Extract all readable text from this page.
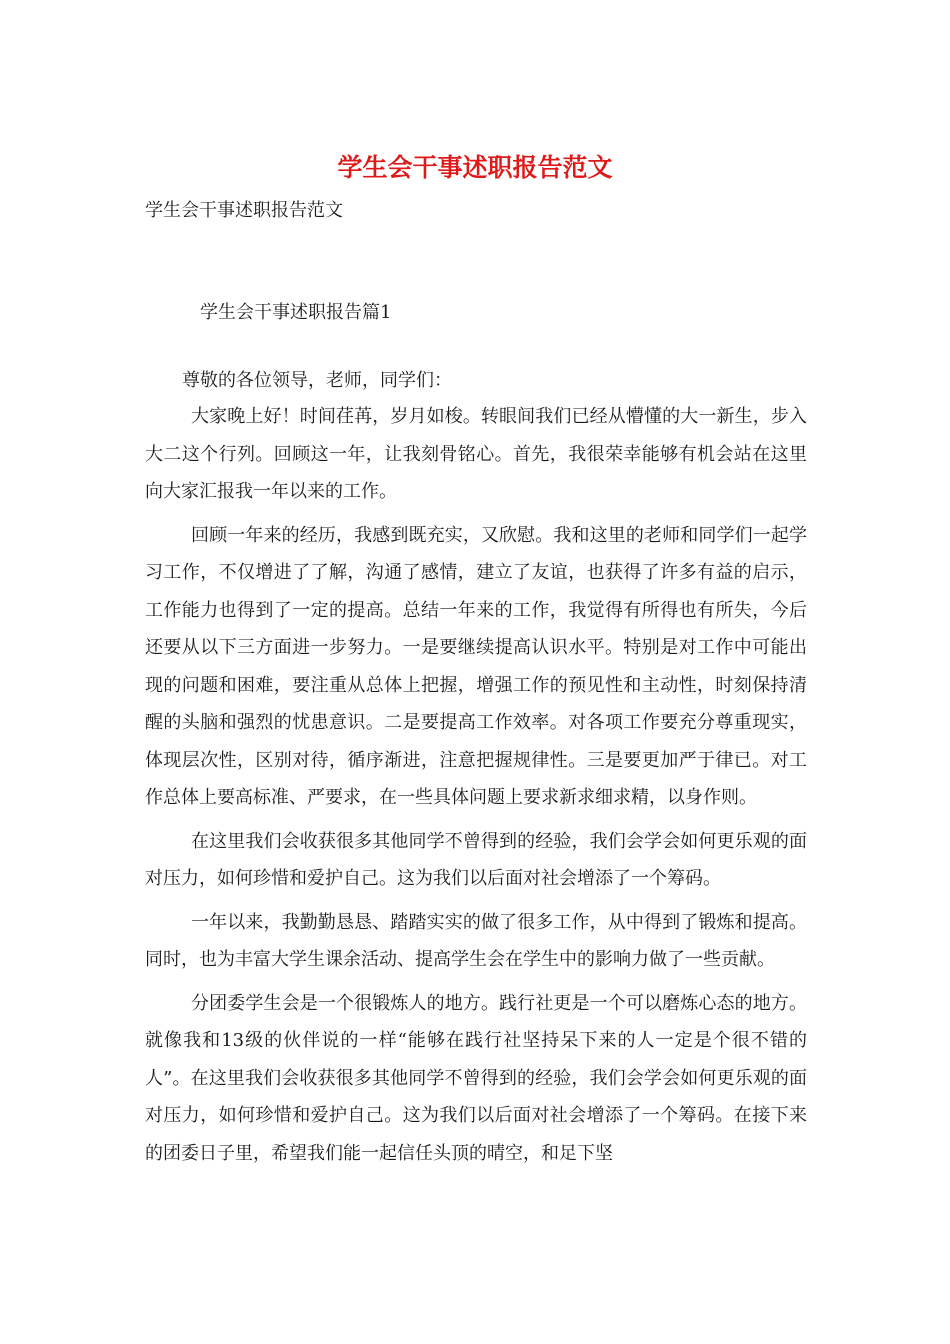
学生会干事述职报告范文
学生会干事述职报告范文
学生会干事述职报告篇1
尊敬的各位领导，老师，同学们：

大家晚上好！时间荏苒，岁月如梭。转眼间我们已经从懵懂的大一新生，步入大二这个行列。回顾这一年，让我刻骨铭心。首先，我很荣幸能够有机会站在这里向大家汇报我一年以来的工作。

回顾一年来的经历，我感到既充实，又欣慰。我和这里的老师和同学们一起学习工作，不仅增进了了解，沟通了感情，建立了友谊，也获得了许多有益的启示，工作能力也得到了一定的提高。总结一年来的工作，我觉得有所得也有所失，今后还要从以下三方面进一步努力。一是要继续提高认识水平。特别是对工作中可能出现的问题和困难，要注重从总体上把握，增强工作的预见性和主动性，时刻保持清醒的头脑和强烈的忧患意识。二是要提高工作效率。对各项工作要充分尊重现实，体现层次性，区别对待，循序渐进，注意把握规律性。三是要更加严于律已。对工作总体上要高标准、严要求，在一些具体问题上要求新求细求精，以身作则。

在这里我们会收获很多其他同学不曾得到的经验，我们会学会如何更乐观的面对压力，如何珍惜和爱护自己。这为我们以后面对社会增添了一个筹码。

一年以来，我勤勤恳恳、踏踏实实的做了很多工作，从中得到了锻炼和提高。同时，也为丰富大学生课余活动、提高学生会在学生中的影响力做了一些贡献。

分团委学生会是一个很锻炼人的地方。践行社更是一个可以磨炼心态的地方。就像我和13级的伙伴说的一样“能够在践行社坚持呆下来的人一定是个很不错的人”。在这里我们会收获很多其他同学不曾得到的经验，我们会学会如何更乐观的面对压力，如何珍惜和爱护自己。这为我们以后面对社会增添了一个筹码。在接下来的团委日子里，希望我们能一起信任头顶的晴空，和足下坚
